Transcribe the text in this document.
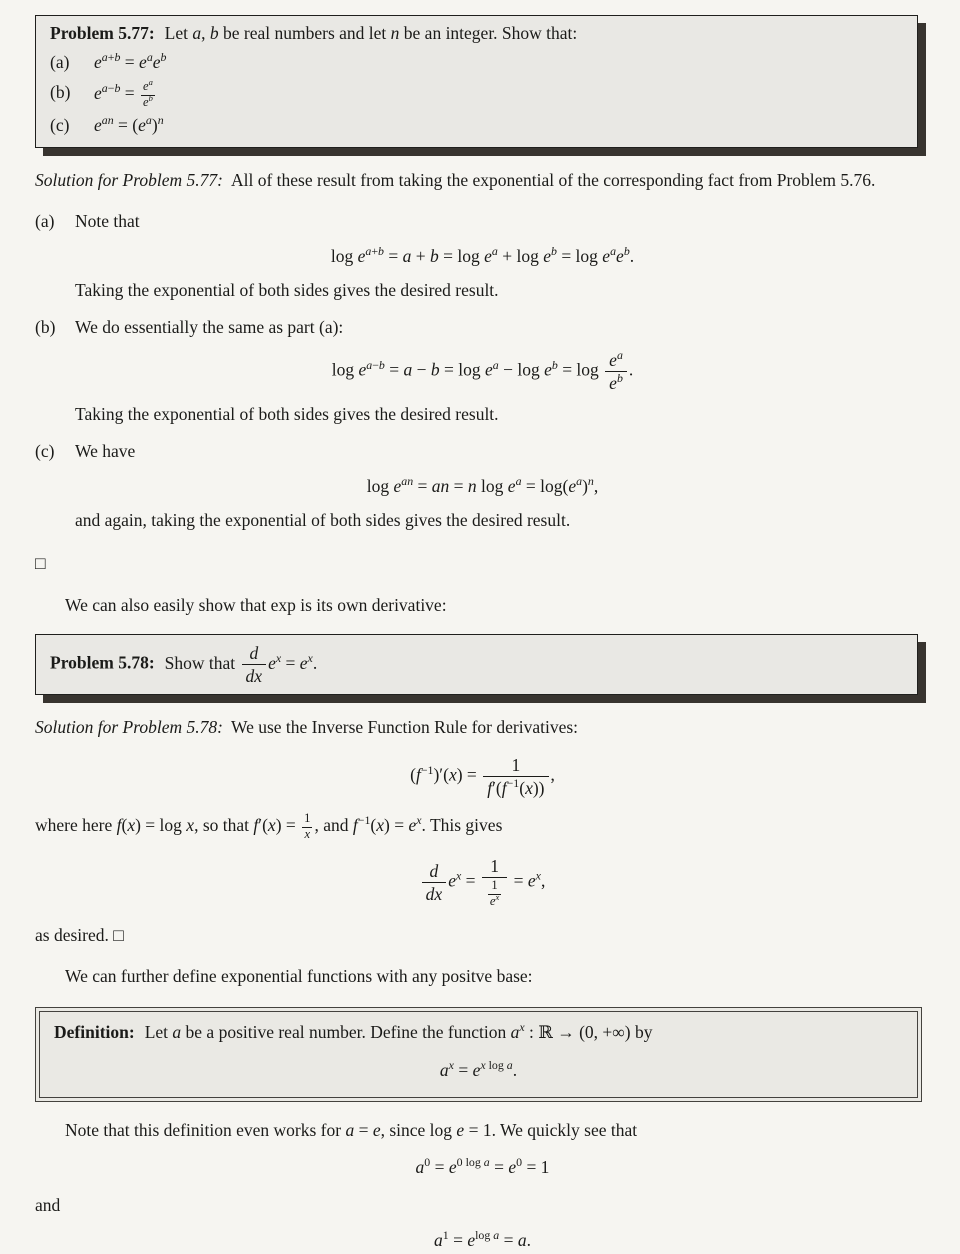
Problem 5.77: Let a, b be real numbers and let n be an integer. Show that:
(a)	$e^{a+b} = e^ae^b$
(b)	$e^{a-b} = \frac{e^a}{e^b}$
(c)	$e^{an} = (e^a)^n$

Solution for Problem 5.77: All of these result from taking the exponential of the corresponding fact from Problem 5.76.

(a)	Note that
$\log e^{a+b} = a + b = \log e^a + \log e^b = \log e^ae^b$.
Taking the exponential of both sides gives the desired result.
(b)	We do essentially the same as part (a):
$\log e^{a-b} = a - b = \log e^a - \log e^b = \log \frac{e^a}{e^b}$ .
Taking the exponential of both sides gives the desired result.
(c)	We have
$\log e^{an}$ = an = n $\log e^a = \log(e^a)^n$,
and again, taking the exponential of both sides gives the desired result.
□

We can also easily show that exp is its own derivative:

Problem 5.78: Show that $\frac{d}{dx} e^x = e^x$.

Solution for Problem 5.78: We use the Inverse Function Rule for derivatives:

$(f^{-1})'(x) = \frac{1}{f'(f^{-1}(x))}$ ,

where here f(x) = log x, so that $f'(x) = \frac{1}{x}$ , and $f^{-1}(x) = e^x$. This gives

$\frac{d}{dx} e^x = \frac{1}{\frac{1}{e^x}} = e^x$,

as desired. □

We can further define exponential functions with any positve base:

Definition: Let a be a positive real number. Define the function $a^x$ : ℝ → (0, +∞) by
$a^x = e^{x log a}$.

Note that this definition even works for a = e, since log e = 1. We quickly see that

$a^0 = e^{0 log a} = e^0 = 1$

and

$a^1 = e^{log a} = a$.
